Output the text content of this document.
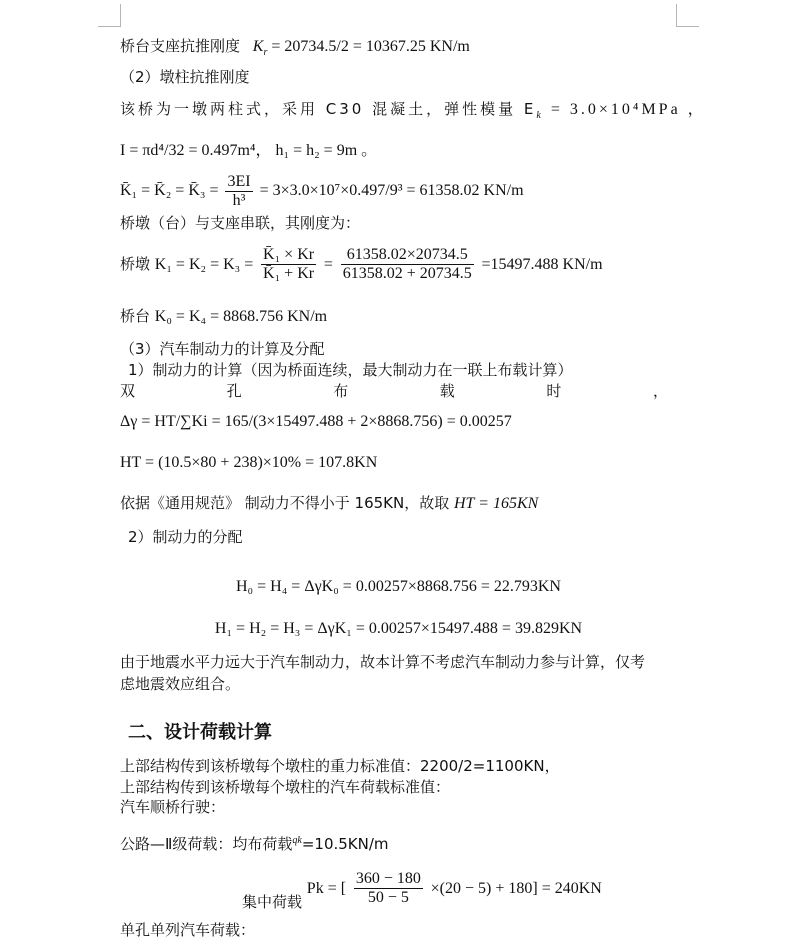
桥台支座抗推刚度 $K_r = 20734.5/2 = 10367.25$ KN/m
（2）墩柱抗推刚度
该桥为一墩两柱式，采用 C30 混凝土，弹性模量 $E_k = 3.0\times 10^4MPa$ ，
I = πd⁴/32 = 0.497m⁴， h₁ = h₂ = 9m 。
K̄₁ = K̄₂ = K̄₃ = $\frac{3EI}{\text{h³}} = 3\times 3.0\times 10^7\times 0.497/9^3 = 61358.02$ KN/m
桥墩（台）与支座串联，其刚度为：
桥墩 $K_1 = K_2 = K_3 = \frac{\text{K̄₁ × Kr}}{\text{K̄₁ + Kr}} = \frac{61358.02\times 20734.5}{61358.02 + 20734.5} =15497.488$ KN/m
桥台 K₀ = K₄ = 8868.756 KN/m
（3）汽车制动力的计算及分配
1）制动力的计算（因为桥面连续，最大制动力在一联上布载计算）
双	孔	布	载	时	，
Δγ = HT/∑Ki = 165/(3×15497.488 + 2×8868.756) = 0.00257
HT = (10.5×80 + 238)×10% = 107.8KN
依据《通用规范》 制动力不得小于 165KN，故取 HT = 165KN
2）制动力的分配
H₀ = H₄ = ΔγK₀ = 0.00257×8868.756 = 22.793KN
H₁ = H₂ = H₃ = ΔγK₁ = 0.00257×15497.488 = 39.829KN
由于地震水平力远大于汽车制动力，故本计算不考虑汽车制动力参与计算，仅考
虑地震效应组合。
二、设计荷载计算
上部结构传到该桥墩每个墩柱的重力标准值：2200/2=1100KN，
上部结构传到该桥墩每个墩柱的汽车荷载标准值：
汽车顺桥行驶：
公路—Ⅱ级荷载：均布荷载$^{qk}$=10.5KN/m
集中荷载 Pk = [ $\frac{360 - 180}{50 - 5} \times(20 - 5) + 180] = 240KN$
单孔单列汽车荷载：
